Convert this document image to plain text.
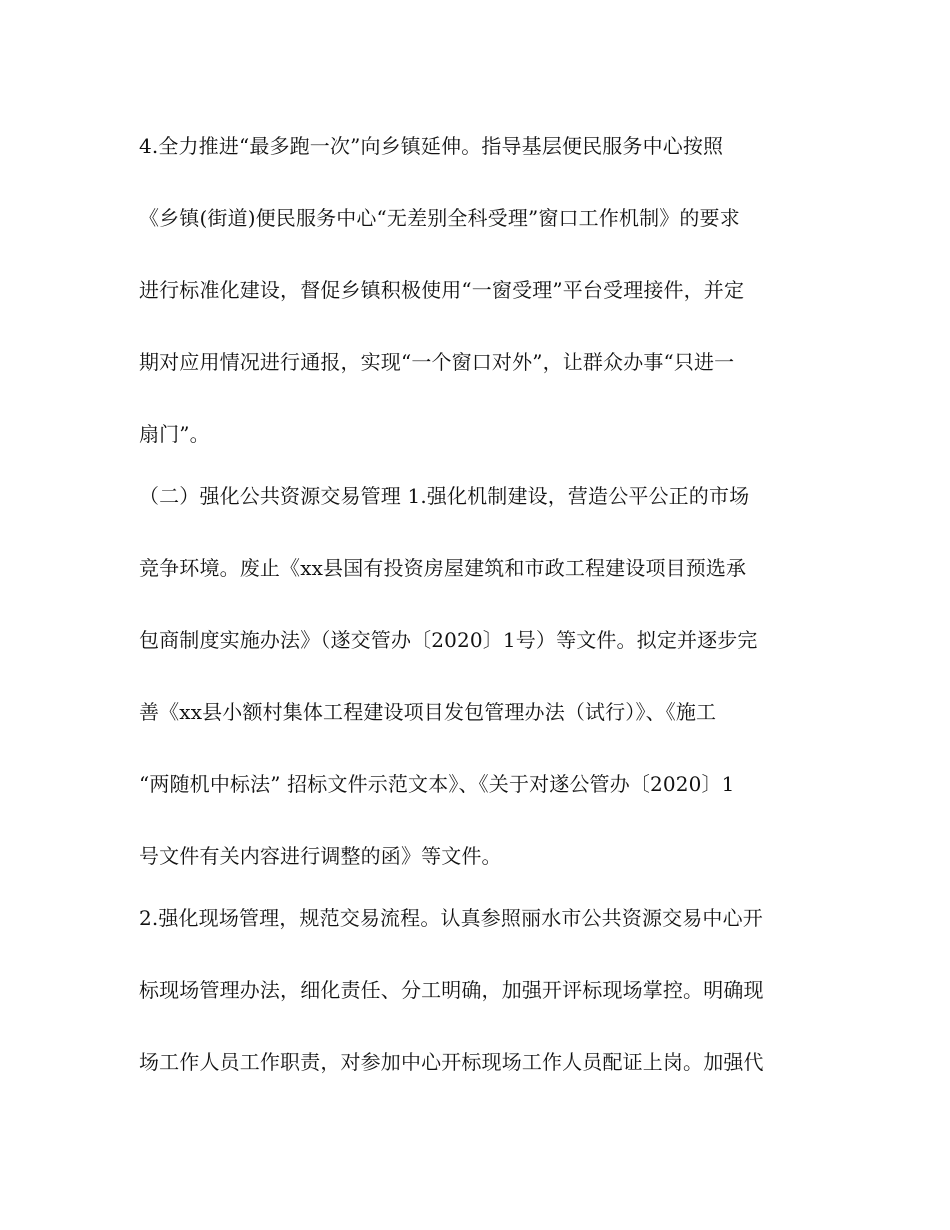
4.全力推进“最多跑一次”向乡镇延伸。指导基层便民服务中心按照
《乡镇(街道)便民服务中心“无差别全科受理”窗口工作机制》的要求
进行标准化建设，督促乡镇积极使用“一窗受理”平台受理接件，并定
期对应用情况进行通报，实现“一个窗口对外”，让群众办事“只进一
扇门”。
（二）强化公共资源交易管理 1.强化机制建设，营造公平公正的市场
竞争环境。废止《xx县国有投资房屋建筑和市政工程建设项目预选承
包商制度实施办法》（遂交管办〔2020〕1号）等文件。拟定并逐步完
善《xx县小额村集体工程建设项目发包管理办法（试行）》、《施工
“两随机中标法” 招标文件示范文本》、《关于对遂公管办〔2020〕1
号文件有关内容进行调整的函》等文件。
2.强化现场管理，规范交易流程。认真参照丽水市公共资源交易中心开
标现场管理办法，细化责任、分工明确，加强开评标现场掌控。明确现
场工作人员工作职责，对参加中心开标现场工作人员配证上岗。加强代
